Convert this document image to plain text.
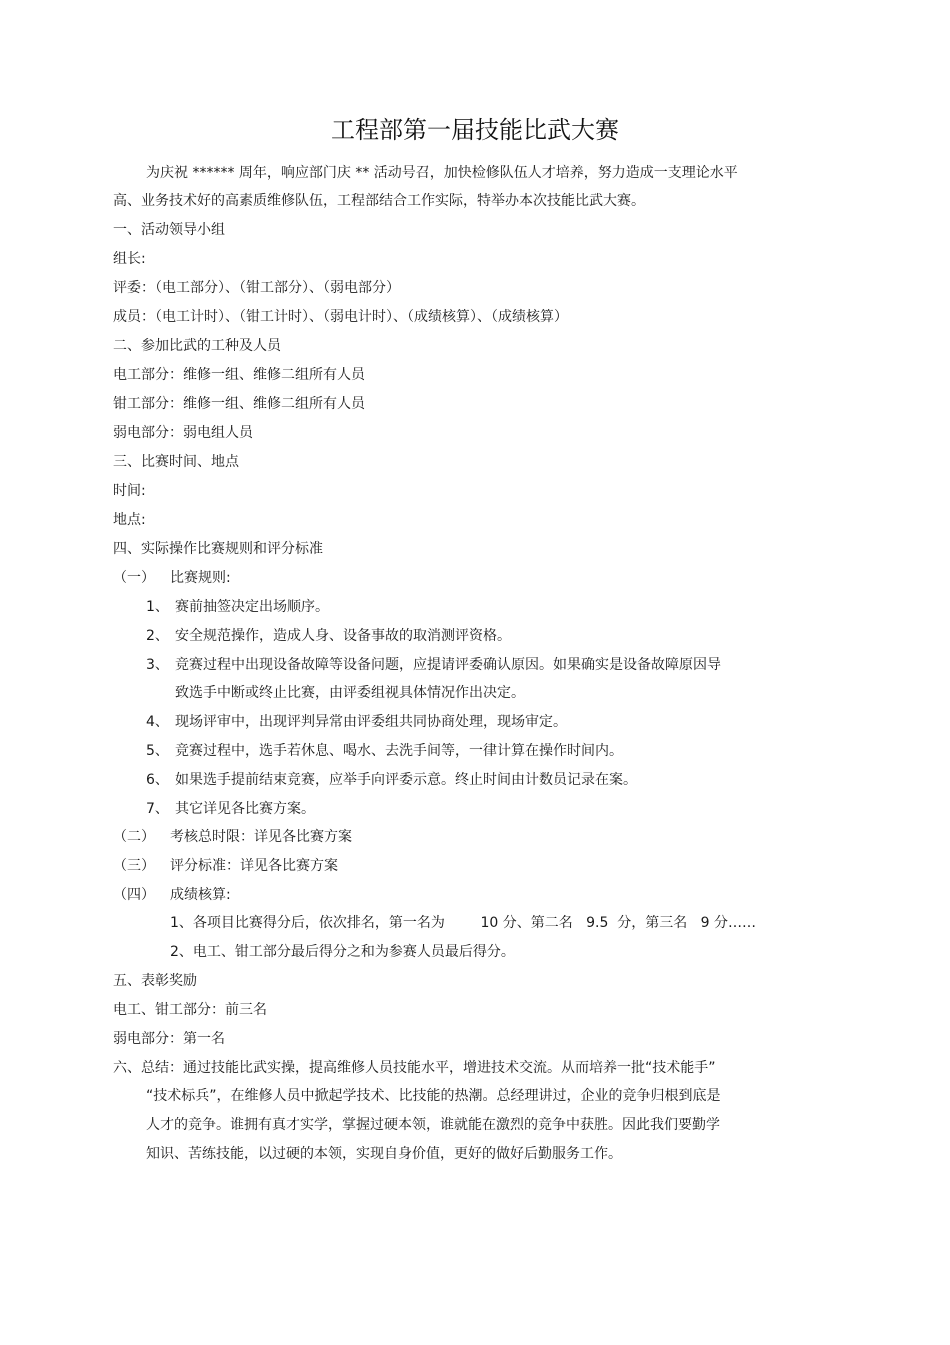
工程部第一届技能比武大赛
为庆祝 ****** 周年，响应部门庆 ** 活动号召，加快检修队伍人才培养，努力造成一支理论水平
高、业务技术好的高素质维修队伍，工程部结合工作实际，特举办本次技能比武大赛。
一、活动领导小组
组长:
评委：（电工部分）、（钳工部分）、（弱电部分）
成员：（电工计时）、（钳工计时）、（弱电计时）、（成绩核算）、（成绩核算）
二、参加比武的工种及人员
电工部分：维修一组、维修二组所有人员
钳工部分：维修一组、维修二组所有人员
弱电部分：弱电组人员
三、比赛时间、地点
时间:
地点:
四、实际操作比赛规则和评分标准
（一） 比赛规则:
1、 赛前抽签决定出场顺序。
2、 安全规范操作，造成人身、设备事故的取消测评资格。
3、 竞赛过程中出现设备故障等设备问题，应提请评委确认原因。如果确实是设备故障原因导
致选手中断或终止比赛，由评委组视具体情况作出决定。
4、 现场评审中，出现评判异常由评委组共同协商处理，现场审定。
5、 竞赛过程中，选手若休息、喝水、去洗手间等，一律计算在操作时间内。
6、 如果选手提前结束竞赛，应举手向评委示意。终止时间由计数员记录在案。
7、 其它详见各比赛方案。
（二） 考核总时限：详见各比赛方案
（三） 评分标准：详见各比赛方案
（四） 成绩核算:
1、各项目比赛得分后，依次排名，第一名为        10 分、第二名   9.5  分，第三名   9 分……
2、电工、钳工部分最后得分之和为参赛人员最后得分。
五、表彰奖励
电工、钳工部分：前三名
弱电部分：第一名
六、总结：通过技能比武实操，提高维修人员技能水平，增进技术交流。从而培养一批“技术能手”
“技术标兵”，在维修人员中掀起学技术、比技能的热潮。总经理讲过，企业的竞争归根到底是
人才的竞争。谁拥有真才实学，掌握过硬本领，谁就能在激烈的竞争中获胜。因此我们要勤学
知识、苦练技能，以过硬的本领，实现自身价值，更好的做好后勤服务工作。
